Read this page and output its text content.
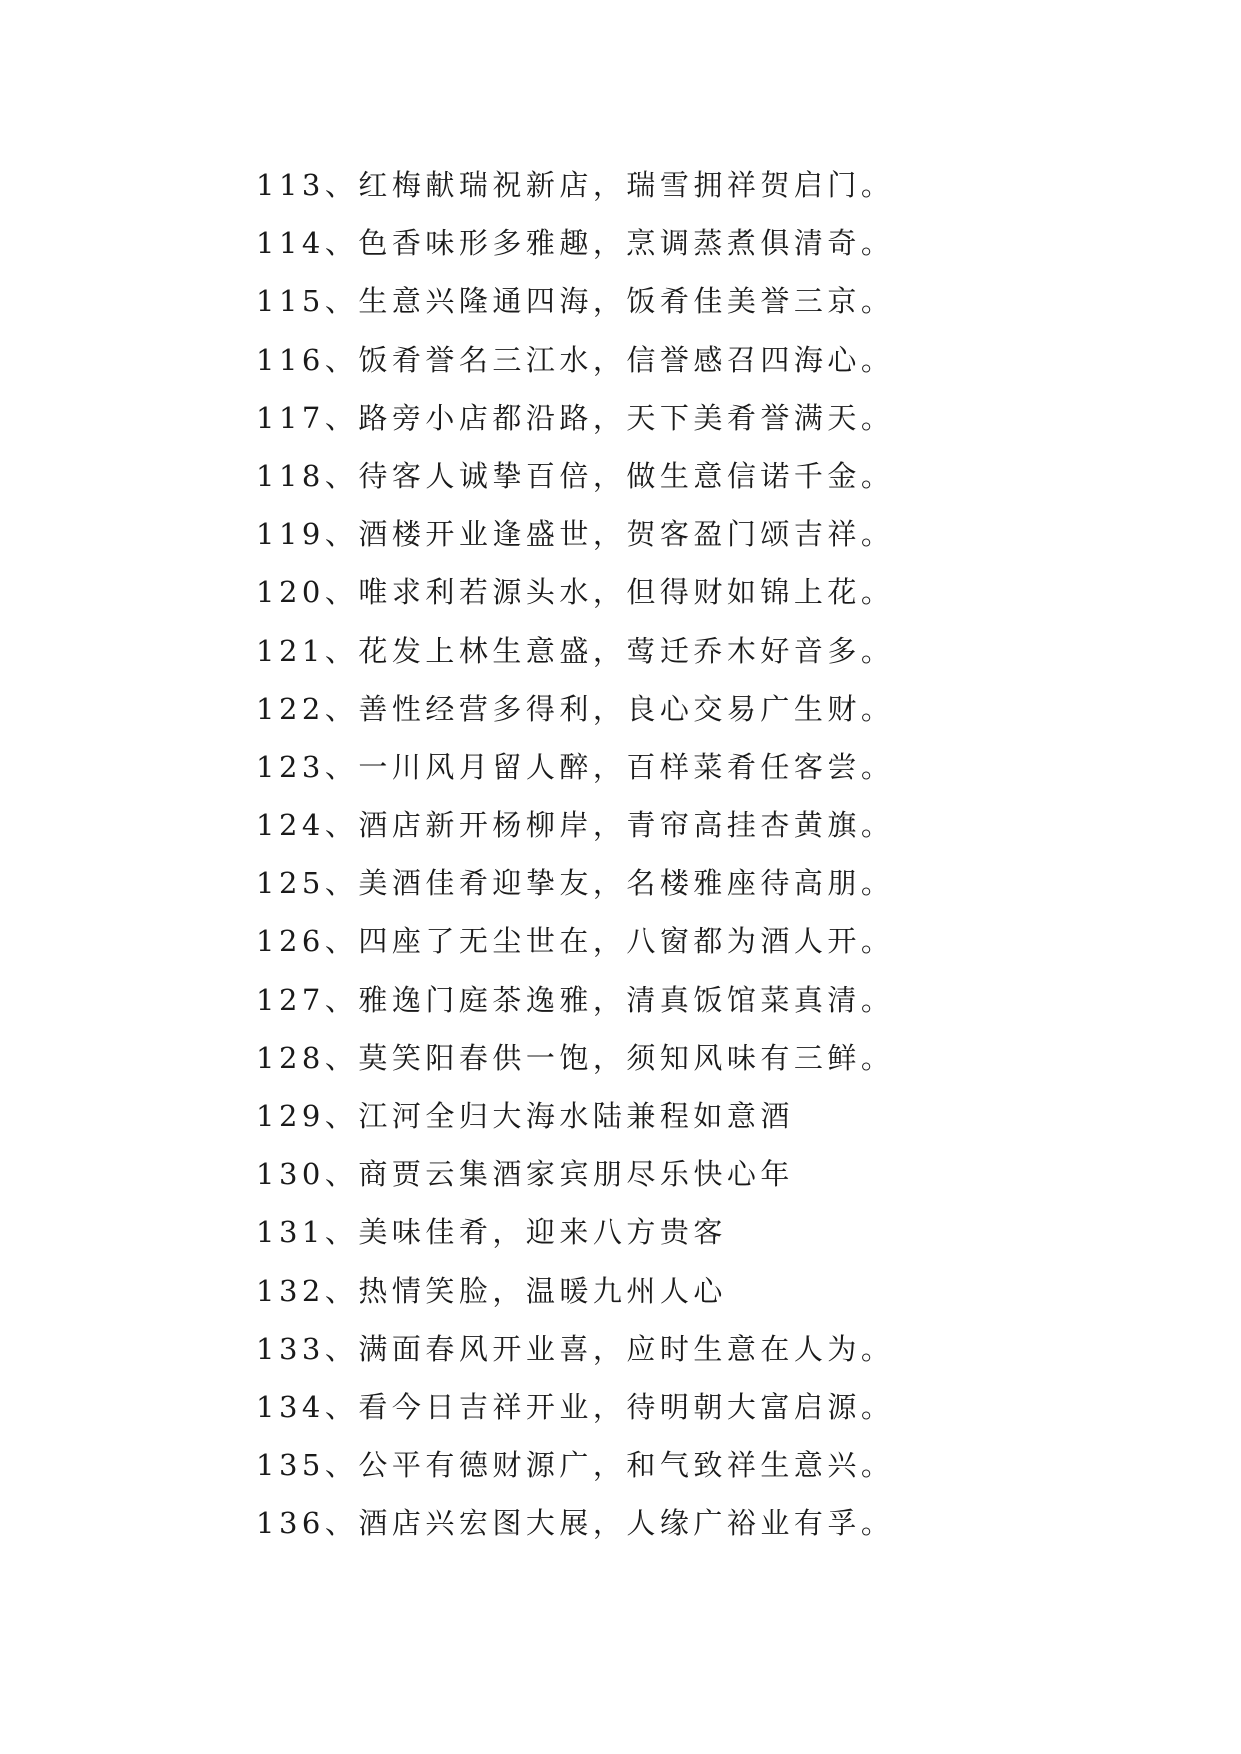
113、红梅献瑞祝新店，瑞雪拥祥贺启门。
114、色香味形多雅趣，烹调蒸煮俱清奇。
115、生意兴隆通四海，饭肴佳美誉三京。
116、饭肴誉名三江水，信誉感召四海心。
117、路旁小店都沿路，天下美肴誉满天。
118、待客人诚挚百倍，做生意信诺千金。
119、酒楼开业逢盛世，贺客盈门颂吉祥。
120、唯求利若源头水，但得财如锦上花。
121、花发上林生意盛，莺迁乔木好音多。
122、善性经营多得利，良心交易广生财。
123、一川风月留人醉，百样菜肴任客尝。
124、酒店新开杨柳岸，青帘高挂杏黄旗。
125、美酒佳肴迎挚友，名楼雅座待高朋。
126、四座了无尘世在，八窗都为酒人开。
127、雅逸门庭茶逸雅，清真饭馆菜真清。
128、莫笑阳春供一饱，须知风味有三鲜。
129、江河全归大海水陆兼程如意酒
130、商贾云集酒家宾朋尽乐快心年
131、美味佳肴，迎来八方贵客
132、热情笑脸，温暖九州人心
133、满面春风开业喜，应时生意在人为。
134、看今日吉祥开业，待明朝大富启源。
135、公平有德财源广，和气致祥生意兴。
136、酒店兴宏图大展，人缘广裕业有孚。
